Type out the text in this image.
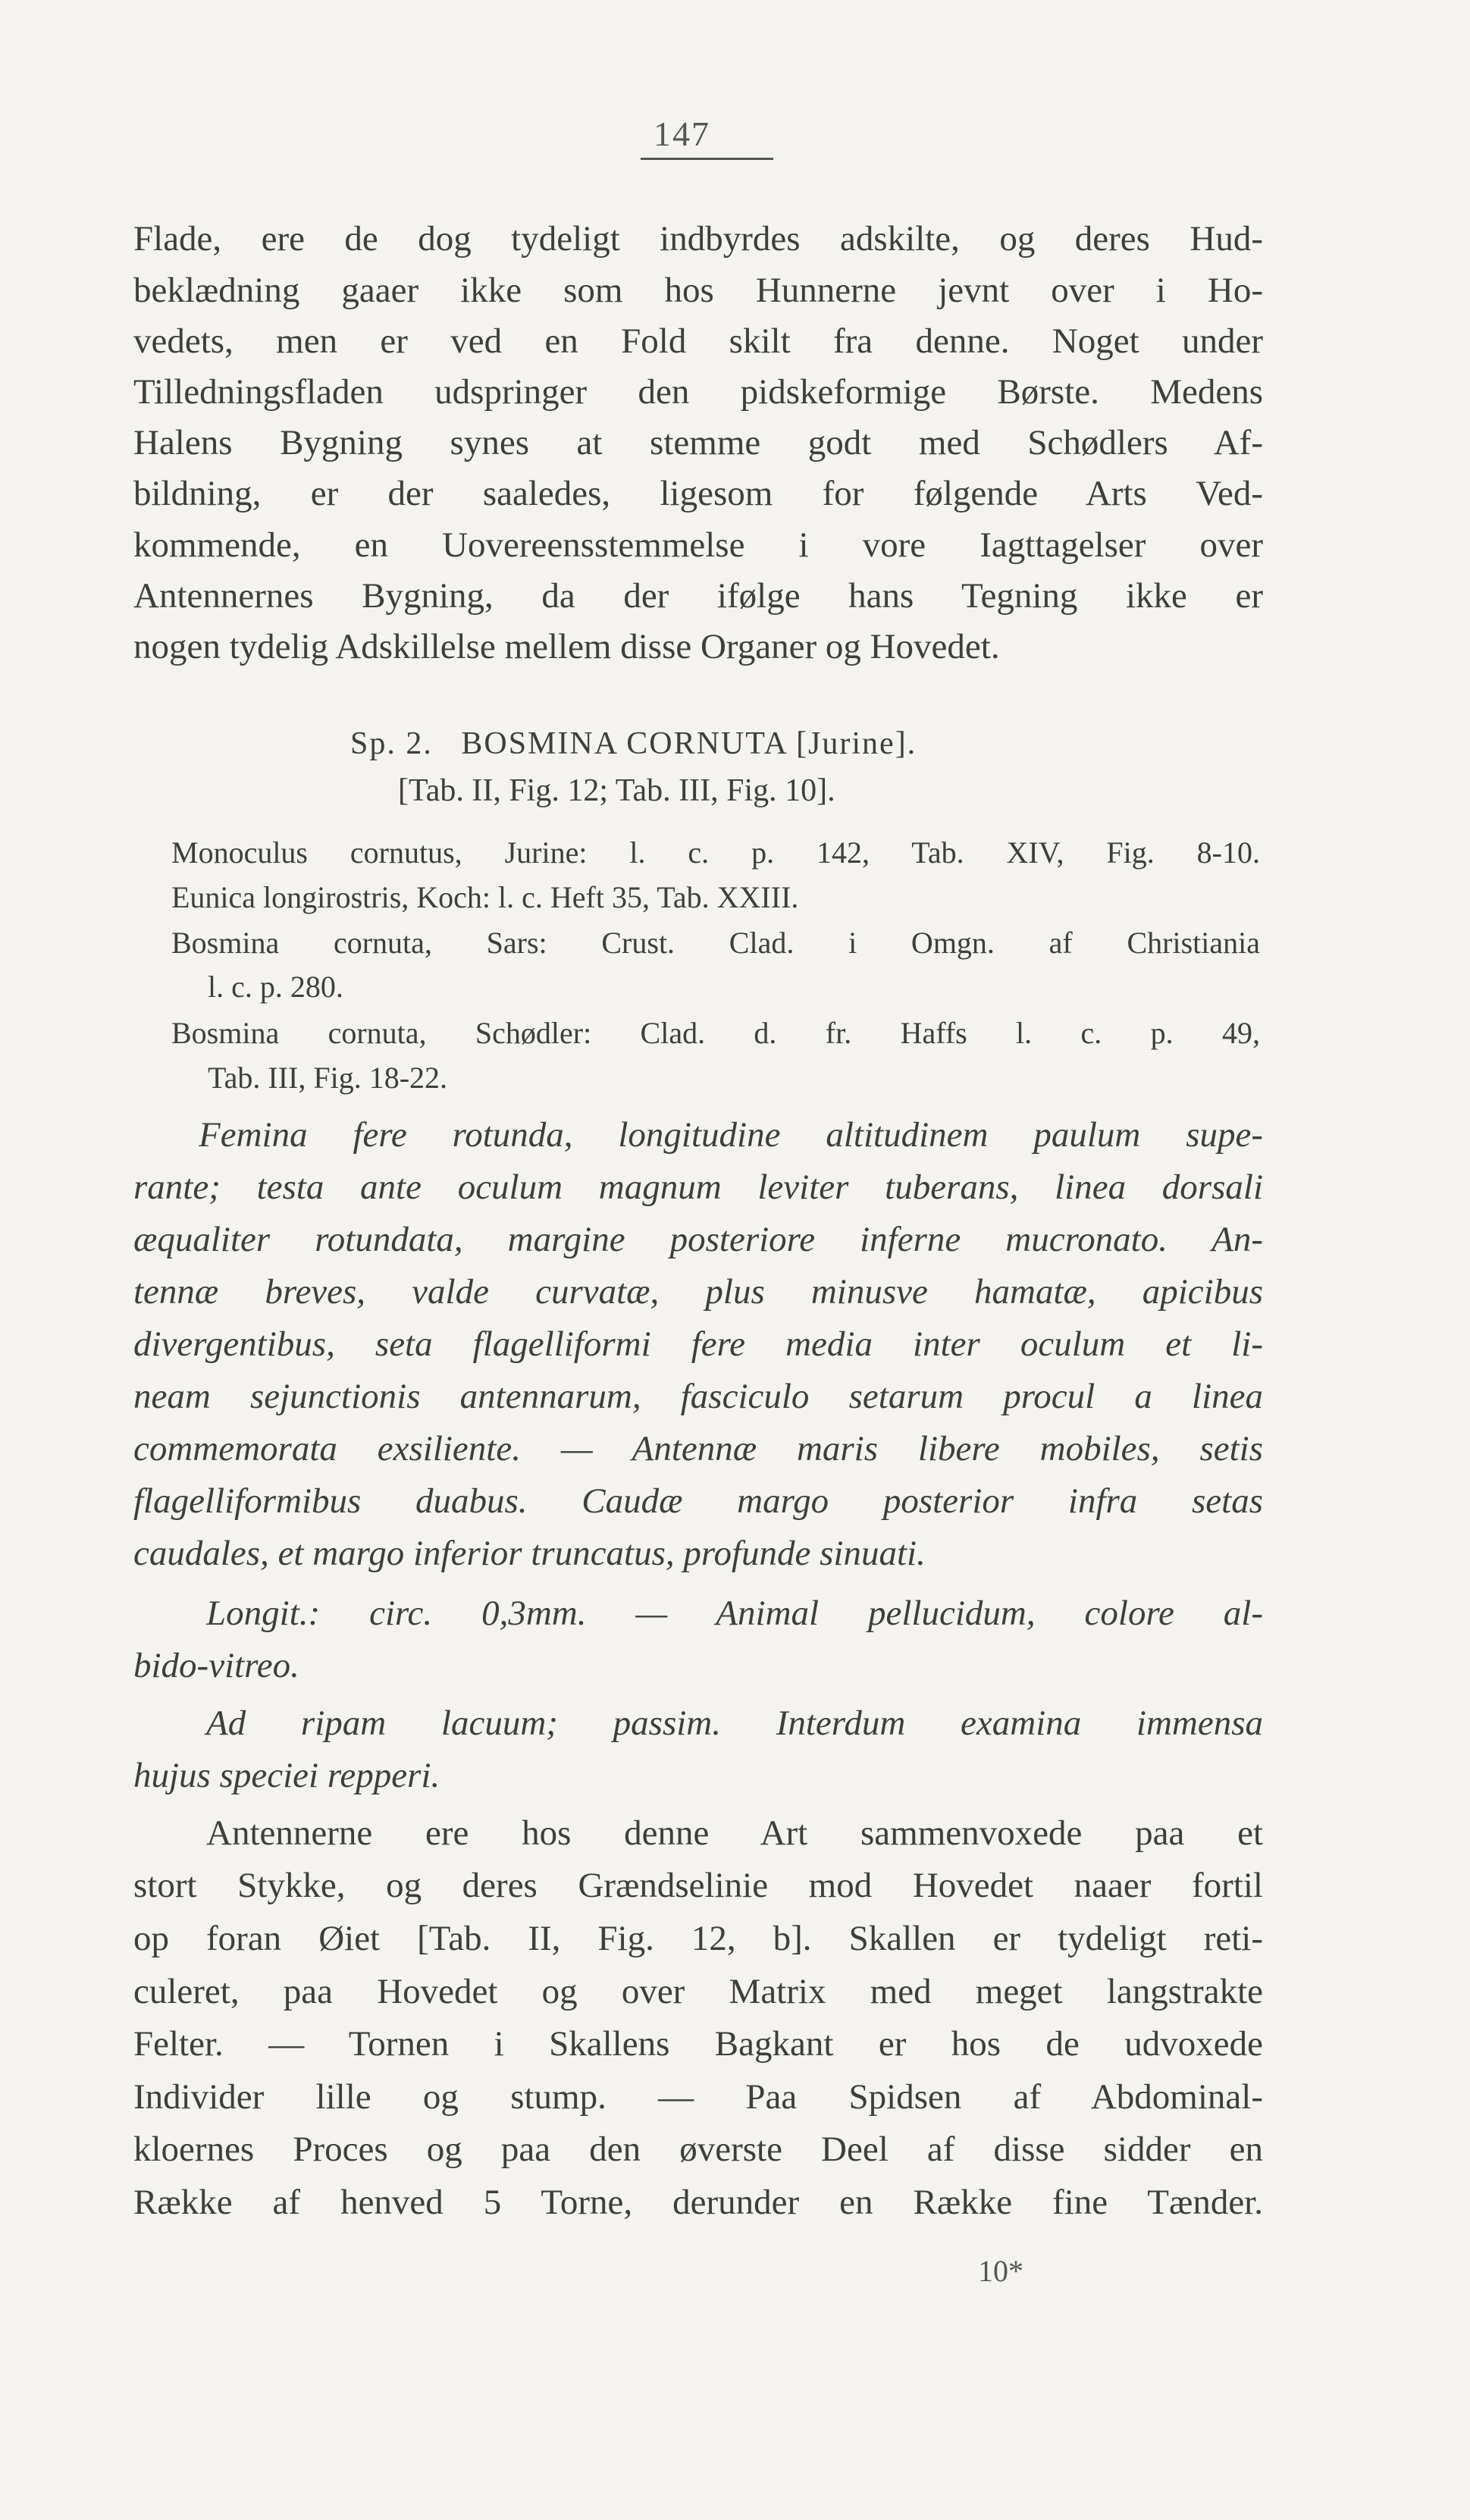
147
Flade, ere de dog tydeligt indbyrdes adskilte, og deres Hud-
beklædning gaaer ikke som hos Hunnerne jevnt over i Ho-
vedets, men er ved en Fold skilt fra denne. Noget under
Tilledningsfladen udspringer den pidskeformige Børste. Medens
Halens Bygning synes at stemme godt med Schødlers Af-
bildning, er der saaledes, ligesom for følgende Arts Ved-
kommende, en Uovereensstemmelse i vore Iagttagelser over
Antennernes Bygning, da der ifølge hans Tegning ikke er
nogen tydelig Adskillelse mellem disse Organer og Hovedet.
Sp. 2.   BOSMINA CORNUTA [Jurine].
[Tab. II, Fig. 12; Tab. III, Fig. 10].
Monoculus cornutus, Jurine: l. c. p. 142, Tab. XIV, Fig. 8-10.
Eunica longirostris, Koch: l. c. Heft 35, Tab. XXIII.
Bosmina cornuta, Sars: Crust. Clad. i Omgn. af Christiania
l. c. p. 280.
Bosmina cornuta, Schødler: Clad. d. fr. Haffs l. c. p. 49,
Tab. III, Fig. 18-22.
Femina fere rotunda, longitudine altitudinem paulum supe-
rante; testa ante oculum magnum leviter tuberans, linea dorsali
æqualiter rotundata, margine posteriore inferne mucronato. An-
tennæ breves, valde curvatæ, plus minusve hamatæ, apicibus
divergentibus, seta flagelliformi fere media inter oculum et li-
neam sejunctionis antennarum, fasciculo setarum procul a linea
commemorata exsiliente. — Antennæ maris libere mobiles, setis
flagelliformibus duabus. Caudæ margo posterior infra setas
caudales, et margo inferior truncatus, profunde sinuati.
Longit.: circ. 0,3mm. — Animal pellucidum, colore al-
bido-vitreo.
Ad ripam lacuum; passim. Interdum examina immensa
hujus speciei repperi.
Antennerne ere hos denne Art sammenvoxede paa et
stort Stykke, og deres Grændselinie mod Hovedet naaer fortil
op foran Øiet [Tab. II, Fig. 12, b]. Skallen er tydeligt reti-
culeret, paa Hovedet og over Matrix med meget langstrakte
Felter. — Tornen i Skallens Bagkant er hos de udvoxede
Individer lille og stump. — Paa Spidsen af Abdominal-
kloernes Proces og paa den øverste Deel af disse sidder en
Række af henved 5 Torne, derunder en Række fine Tænder.
10*
